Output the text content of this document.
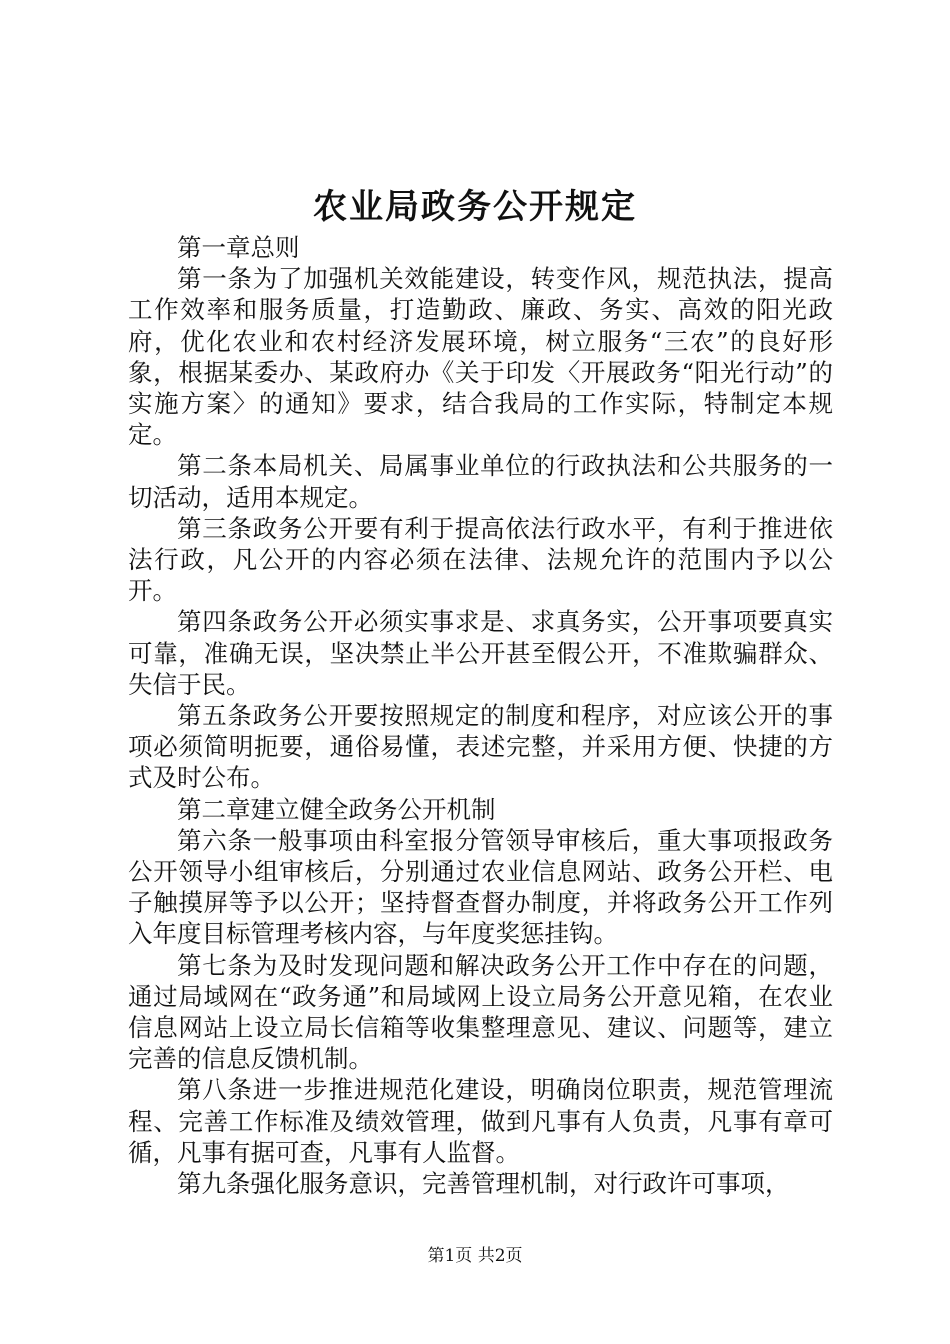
农业局政务公开规定

第一章总则

第一条为了加强机关效能建设，转变作风，规范执法，提高工作效率和服务质量，打造勤政、廉政、务实、高效的阳光政府，优化农业和农村经济发展环境，树立服务“三农”的良好形象，根据某委办、某政府办《关于印发〈开展政务“阳光行动”的实施方案〉的通知》要求，结合我局的工作实际，特制定本规定。

第二条本局机关、局属事业单位的行政执法和公共服务的一切活动，适用本规定。

第三条政务公开要有利于提高依法行政水平，有利于推进依法行政，凡公开的内容必须在法律、法规允许的范围内予以公开。

第四条政务公开必须实事求是、求真务实，公开事项要真实可靠，准确无误，坚决禁止半公开甚至假公开，不准欺骗群众、失信于民。

第五条政务公开要按照规定的制度和程序，对应该公开的事项必须简明扼要，通俗易懂，表述完整，并采用方便、快捷的方式及时公布。

第二章建立健全政务公开机制

第六条一般事项由科室报分管领导审核后，重大事项报政务公开领导小组审核后，分别通过农业信息网站、政务公开栏、电子触摸屏等予以公开；坚持督查督办制度，并将政务公开工作列入年度目标管理考核内容，与年度奖惩挂钩。

第七条为及时发现问题和解决政务公开工作中存在的问题，通过局域网在“政务通”和局域网上设立局务公开意见箱，在农业信息网站上设立局长信箱等收集整理意见、建议、问题等，建立完善的信息反馈机制。

第八条进一步推进规范化建设，明确岗位职责，规范管理流程、完善工作标准及绩效管理，做到凡事有人负责，凡事有章可循，凡事有据可查，凡事有人监督。

第九条强化服务意识，完善管理机制，对行政许可事项，

第1页 共2页
